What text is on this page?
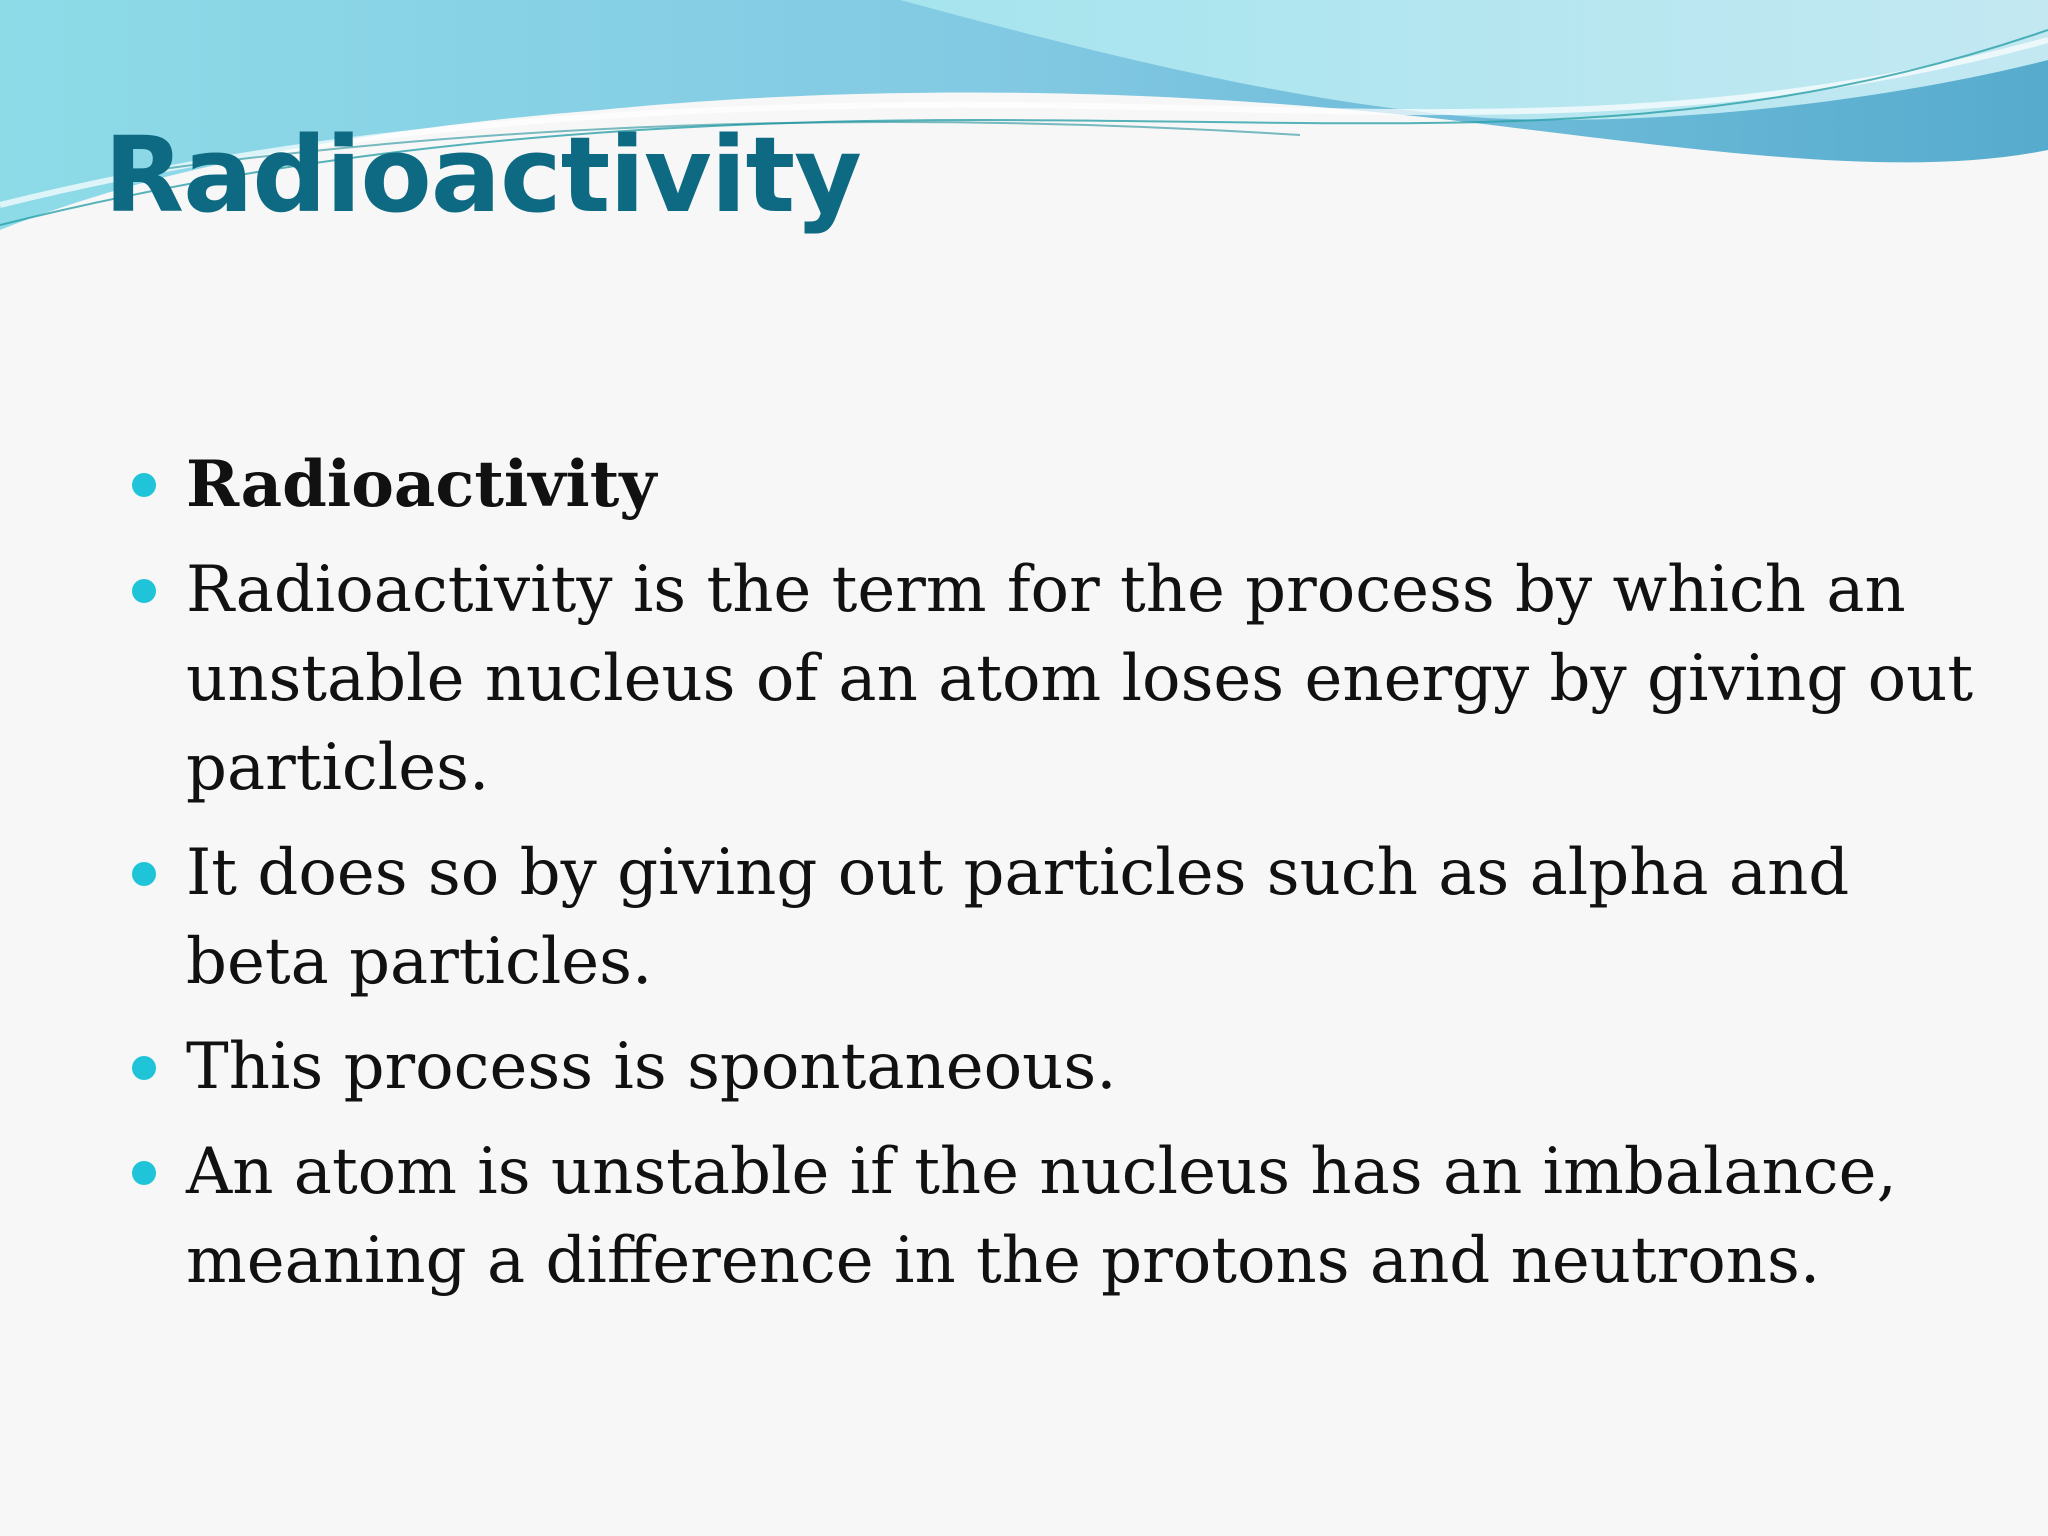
Radioactivity
Radioactivity
Radioactivity is the term for the process by which an unstable nucleus of an atom loses energy by giving out particles.
It does so by giving out particles such as alpha and beta particles.
This process is spontaneous.
An atom is unstable if the nucleus has an imbalance, meaning a difference in the protons and neutrons.
